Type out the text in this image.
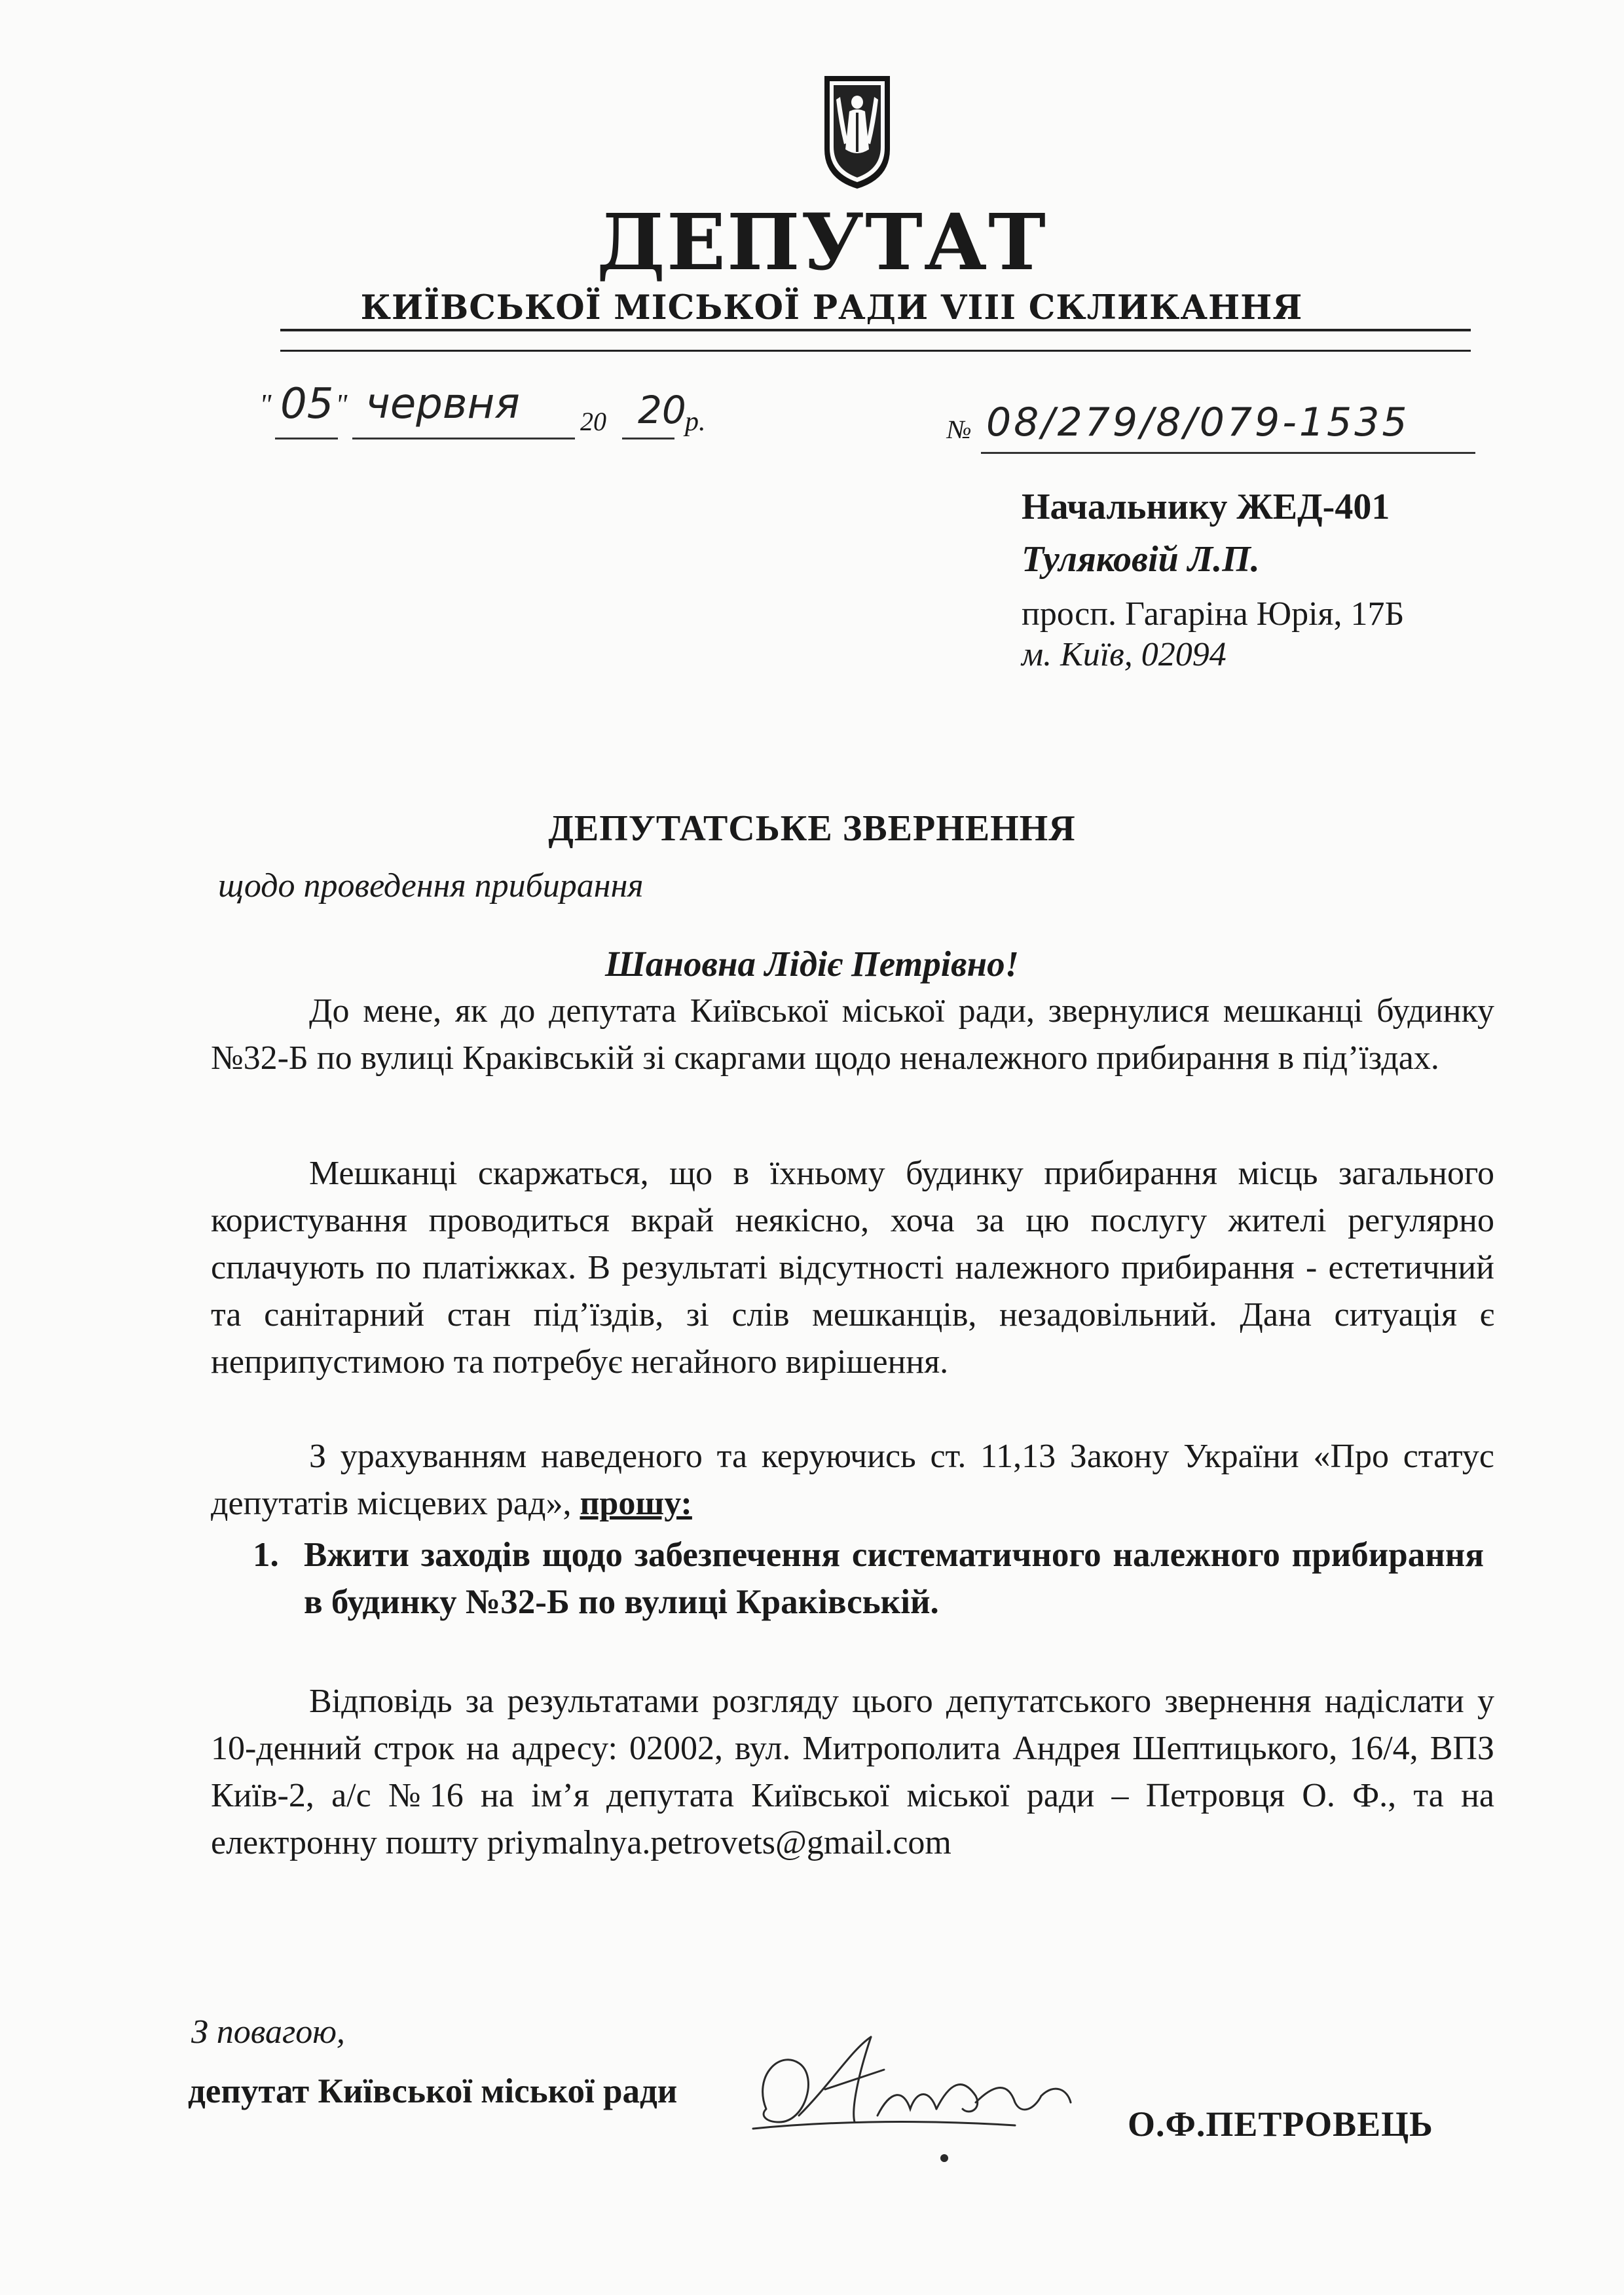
ДЕПУТАТ
КИЇВСЬКОЇ МІСЬКОЇ РАДИ VIII СКЛИКАННЯ
" 05 " червня 20 20
р.	№ 08/279/8/079-1535
Начальнику ЖЕД-401
Туляковій Л.П.
просп. Гагаріна Юрія, 17Б
м. Київ, 02094
ДЕПУТАТСЬКЕ ЗВЕРНЕННЯ
щодо проведення прибирання
Шановна Лідіє Петрівно!
До мене, як до депутата Київської міської ради, звернулися мешканці будинку №32-Б по вулиці Краківській зі скаргами щодо неналежного прибирання в під’їздах.
Мешканці скаржаться, що в їхньому будинку прибирання місць загального користування проводиться вкрай неякісно, хоча за цю послугу жителі регулярно сплачують по платіжках. В результаті відсутності належного прибирання - естетичний та санітарний стан під’їздів, зі слів мешканців, незадовільний. Дана ситуація є неприпустимою та потребує негайного вирішення.
З урахуванням наведеного та керуючись ст. 11,13 Закону України «Про статус депутатів місцевих рад», прошу:
1. Вжити заходів щодо забезпечення систематичного належного прибирання в будинку №32-Б по вулиці Краківській.
Відповідь за результатами розгляду цього депутатського звернення надіслати у 10-денний строк на адресу: 02002, вул. Митрополита Андрея Шептицького, 16/4, ВПЗ Київ-2, а/с №16 на ім’я депутата Київської міської ради – Петровця О. Ф., та на електронну пошту priymalnya.petrovets@gmail.com
З повагою,
депутат Київської міської ради
О.Ф.ПЕТРОВЕЦЬ
